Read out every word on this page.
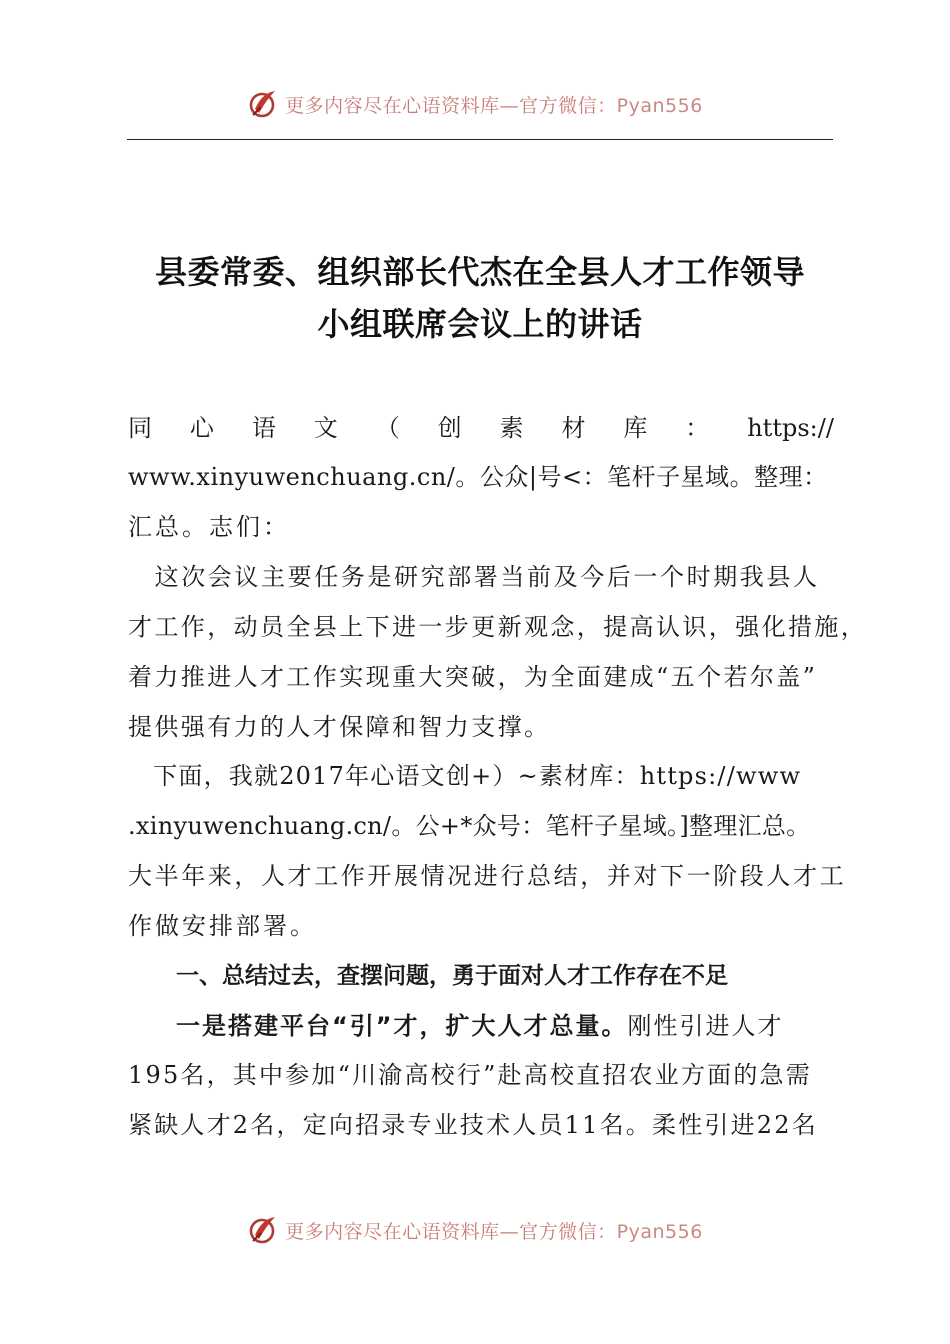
更多内容尽在心语资料库—官方微信：Pyan556
县委常委、组织部长代杰在全县人才工作领导
小组联席会议上的讲话
同 心 语 文 （ 创 素 材 库 ： https://
www.xinyuwenchuang.cn/。公众|号<：笔杆子星域。整理：
汇总。志们：
　这次会议主要任务是研究部署当前及今后一个时期我县人
才工作，动员全县上下进一步更新观念，提高认识，强化措施，
着力推进人才工作实现重大突破，为全面建成“五个若尔盖”
提供强有力的人才保障和智力支撑。
　下面，我就2017年心语文创+）~素材库：https://www
.xinyuwenchuang.cn/。公+*众号：笔杆子星域。]整理汇总。
大半年来，人才工作开展情况进行总结，并对下一阶段人才工
作做安排部署。
一、总结过去，查摆问题，勇于面对人才工作存在不足
一是搭建平台“引”才，扩大人才总量。刚性引进人才
195名，其中参加“川渝高校行”赴高校直招农业方面的急需
紧缺人才2名，定向招录专业技术人员11名。柔性引进22名
更多内容尽在心语资料库—官方微信：Pyan556
